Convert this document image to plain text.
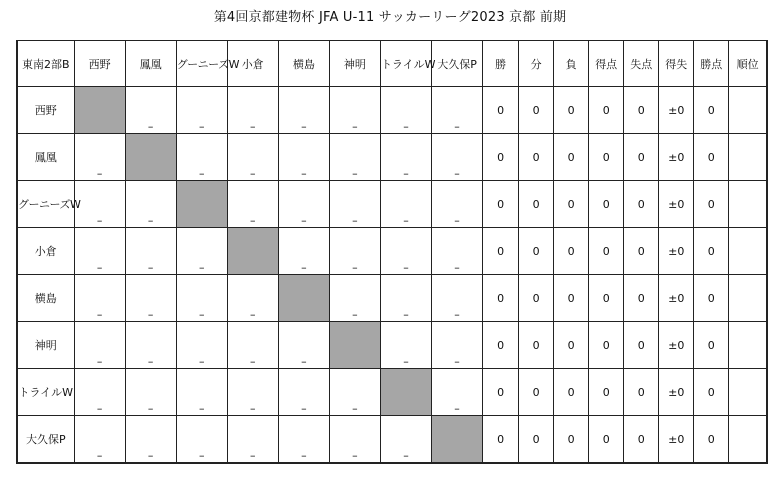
第4回京都建物杯 JFA U-11 サッカーリーグ2023 京都 前期
東南2部B	西野	鳳凰	グーニーズW	小倉	横島	神明	トライルW	大久保P	勝	分	負	得点	失点	得失	勝点	順位
西野		–	–	–	–	–	–	–	0	0	0	0	0	±0	0	
鳳凰	–		–	–	–	–	–	–	0	0	0	0	0	±0	0	
グーニーズW	–	–		–	–	–	–	–	0	0	0	0	0	±0	0	
小倉	–	–	–		–	–	–	–	0	0	0	0	0	±0	0	
横島	–	–	–	–		–	–	–	0	0	0	0	0	±0	0	
神明	–	–	–	–	–		–	–	0	0	0	0	0	±0	0	
トライルW	–	–	–	–	–	–		–	0	0	0	0	0	±0	0	
大久保P	–	–	–	–	–	–	–		0	0	0	0	0	±0	0	
